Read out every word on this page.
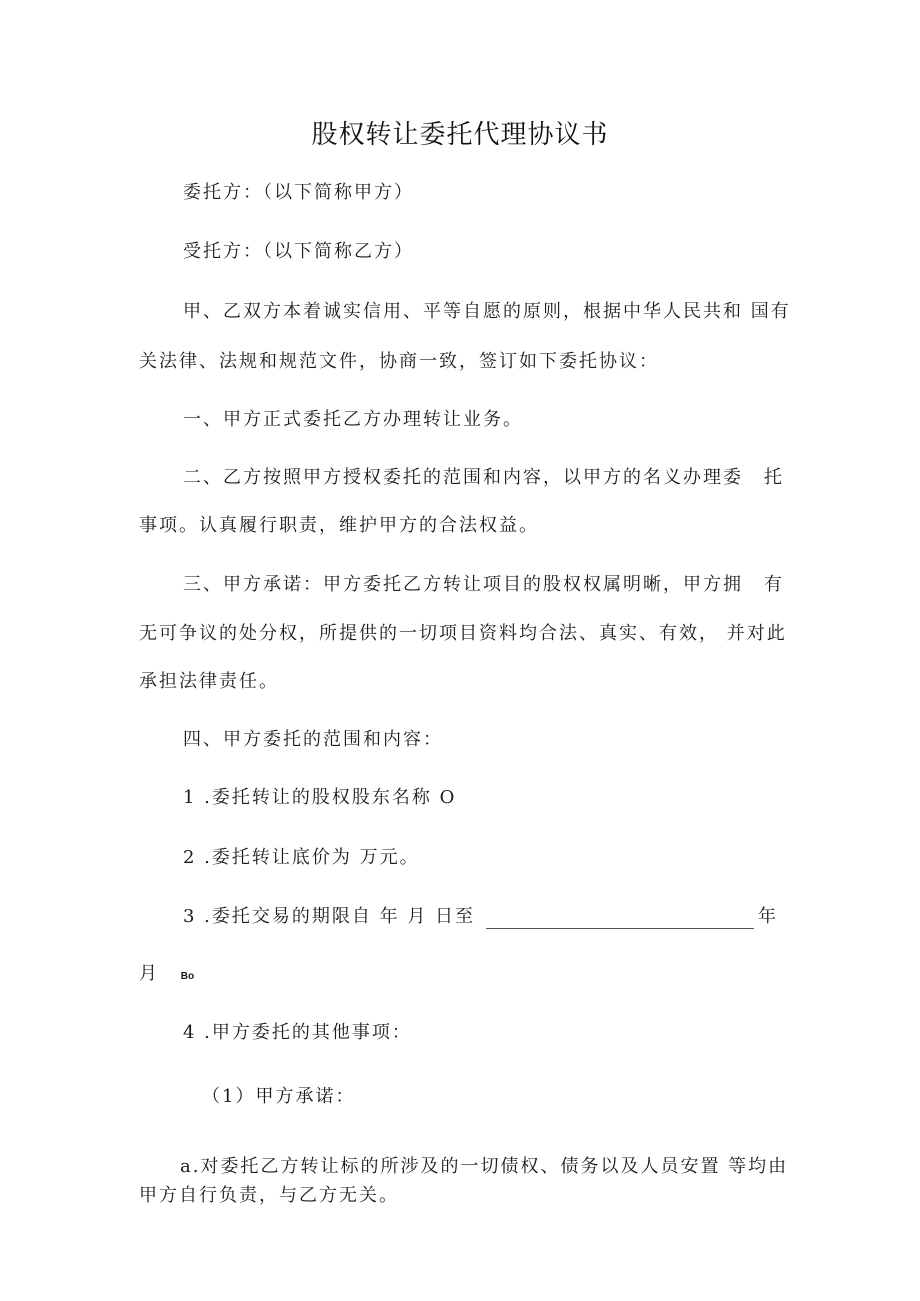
股权转让委托代理协议书
委托方：（以下简称甲方）
受托方：（以下简称乙方）
甲、乙双方本着诚实信用、平等自愿的原则，根据中华人民共和 国有
关法律、法规和规范文件，协商一致，签订如下委托协议：
一、甲方正式委托乙方办理转让业务。
二、乙方按照甲方授权委托的范围和内容，以甲方的名义办理委 托
事项。认真履行职责，维护甲方的合法权益。
三、甲方承诺：甲方委托乙方转让项目的股权权属明晰，甲方拥 有
无可争议的处分权，所提供的一切项目资料均合法、真实、有效， 并对此
承担法律责任。
四、甲方委托的范围和内容：
1 .委托转让的股权股东名称 O
2 .委托转让底价为 万元。
3 .委托交易的期限自 年 月 日至	年
月 Bo
4 .甲方委托的其他事项：
（1）甲方承诺：
a.对委托乙方转让标的所涉及的一切债权、债务以及人员安置 等均由
甲方自行负责，与乙方无关。
